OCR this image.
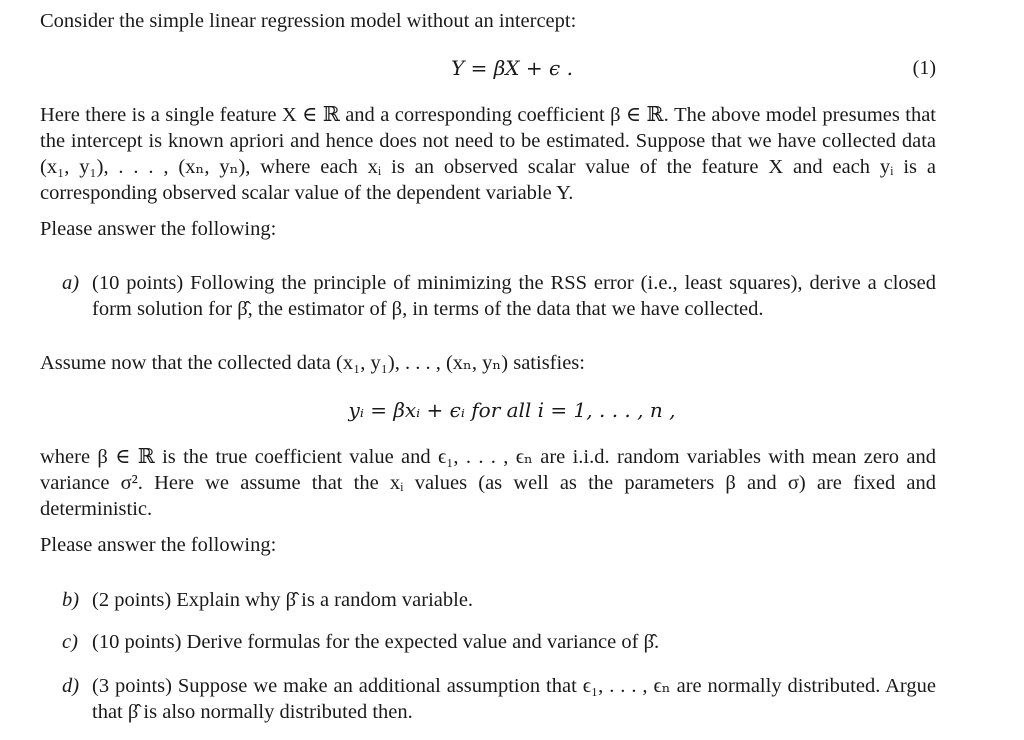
Consider the simple linear regression model without an intercept:

Y = βX + ϵ .	(1)

Here there is a single feature X ∈ ℝ and a corresponding coefficient β ∈ ℝ. The above model presumes that the intercept is known apriori and hence does not need to be estimated. Suppose that we have collected data (x₁, y₁), . . . , (xₙ, yₙ), where each xᵢ is an observed scalar value of the feature X and each yᵢ is a corresponding observed scalar value of the dependent variable Y.

Please answer the following:

a) (10 points) Following the principle of minimizing the RSS error (i.e., least squares), derive a closed form solution for β̂, the estimator of β, in terms of the data that we have collected.

Assume now that the collected data (x₁, y₁), . . . , (xₙ, yₙ) satisfies:

yᵢ = βxᵢ + ϵᵢ for all i = 1, . . . , n ,

where β ∈ ℝ is the true coefficient value and ϵ₁, . . . , ϵₙ are i.i.d. random variables with mean zero and variance σ². Here we assume that the xᵢ values (as well as the parameters β and σ) are fixed and deterministic.

Please answer the following:

b) (2 points) Explain why β̂ is a random variable.
c) (10 points) Derive formulas for the expected value and variance of β̂.
d) (3 points) Suppose we make an additional assumption that ϵ₁, . . . , ϵₙ are normally distributed. Argue that β̂ is also normally distributed then.
